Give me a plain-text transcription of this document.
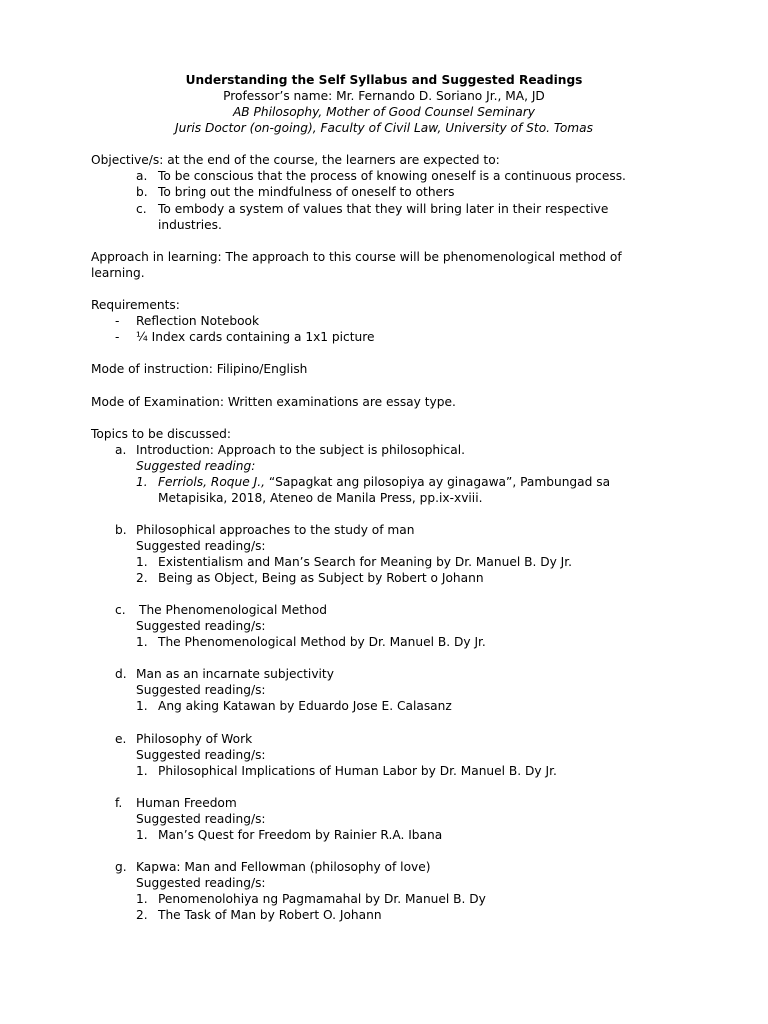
Understanding the Self Syllabus and Suggested Readings
Professor’s name: Mr. Fernando D. Soriano Jr., MA, JD
AB Philosophy, Mother of Good Counsel Seminary
Juris Doctor (on-going), Faculty of Civil Law, University of Sto. Tomas
Objective/s: at the end of the course, the learners are expected to:
a. To be conscious that the process of knowing oneself is a continuous process.
b. To bring out the mindfulness of oneself to others
c. To embody a system of values that they will bring later in their respective
industries.
Approach in learning: The approach to this course will be phenomenological method of
learning.
Requirements:
- Reflection Notebook
- ¼ Index cards containing a 1x1 picture
Mode of instruction: Filipino/English
Mode of Examination: Written examinations are essay type.
Topics to be discussed:
a. Introduction: Approach to the subject is philosophical.
Suggested reading:
1. Ferriols, Roque J., “Sapagkat ang pilosopiya ay ginagawa”, Pambungad sa
Metapisika, 2018, Ateneo de Manila Press, pp.ix-xviii.
b. Philosophical approaches to the study of man
Suggested reading/s:
1. Existentialism and Man’s Search for Meaning by Dr. Manuel B. Dy Jr.
2. Being as Object, Being as Subject by Robert o Johann
c. The Phenomenological Method
Suggested reading/s:
1. The Phenomenological Method by Dr. Manuel B. Dy Jr.
d. Man as an incarnate subjectivity
Suggested reading/s:
1. Ang aking Katawan by Eduardo Jose E. Calasanz
e. Philosophy of Work
Suggested reading/s:
1. Philosophical Implications of Human Labor by Dr. Manuel B. Dy Jr.
f. Human Freedom
Suggested reading/s:
1. Man’s Quest for Freedom by Rainier R.A. Ibana
g. Kapwa: Man and Fellowman (philosophy of love)
Suggested reading/s:
1. Penomenolohiya ng Pagmamahal by Dr. Manuel B. Dy
2. The Task of Man by Robert O. Johann
